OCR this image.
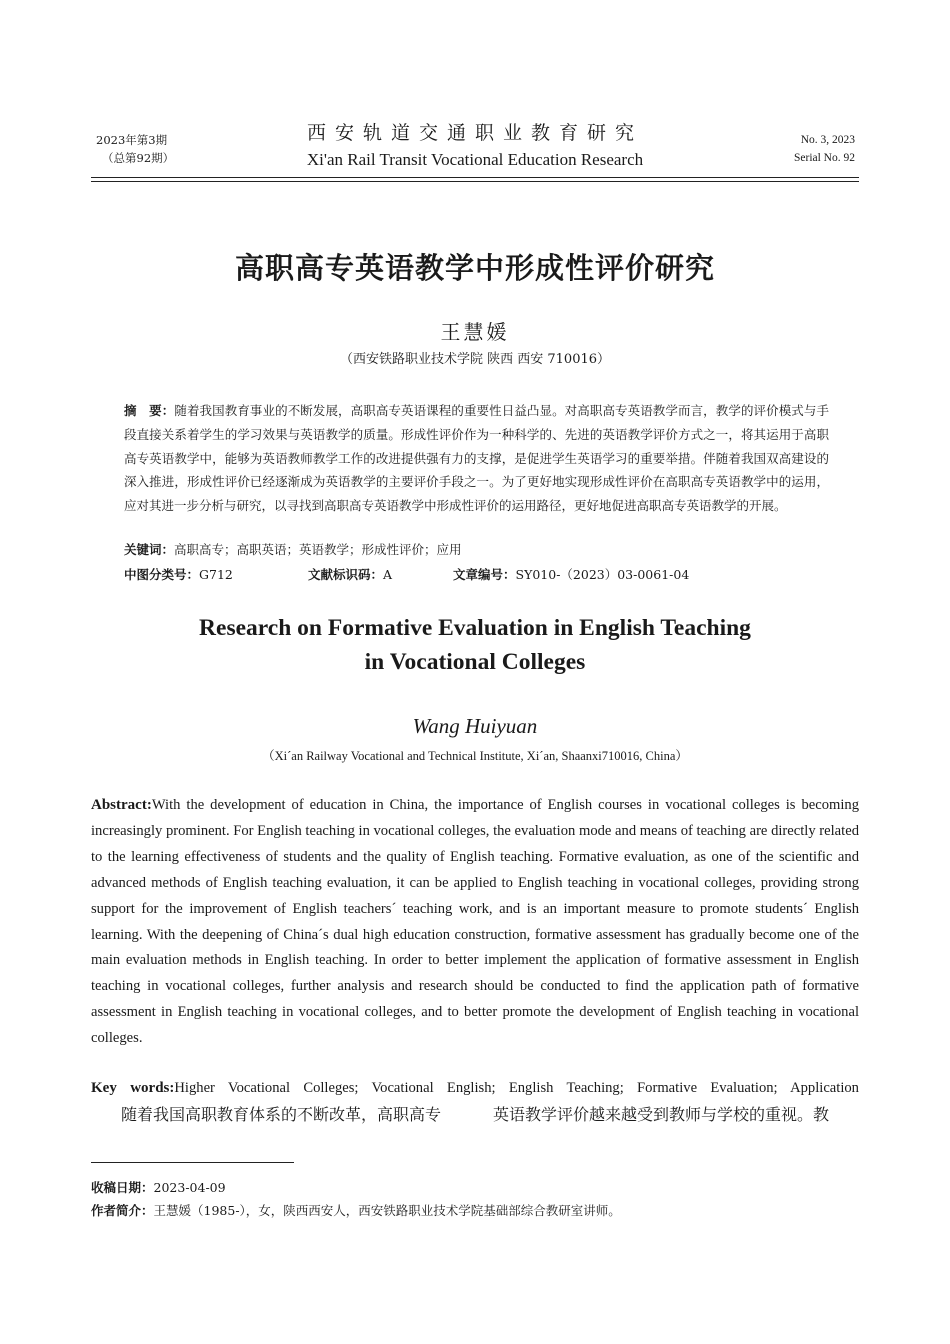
2023年第3期
（总第92期）
西安轨道交通职业教育研究
Xi'an Rail Transit Vocational Education Research
No. 3, 2023
Serial No. 92
高职高专英语教学中形成性评价研究
王慧媛
（西安铁路职业技术学院 陕西 西安 710016）
摘　要：随着我国教育事业的不断发展，高职高专英语课程的重要性日益凸显。对高职高专英语教学而言，教学的评价模式与手段直接关系着学生的学习效果与英语教学的质量。形成性评价作为一种科学的、先进的英语教学评价方式之一，将其运用于高职高专英语教学中，能够为英语教师教学工作的改进提供强有力的支撑，是促进学生英语学习的重要举措。伴随着我国双高建设的深入推进，形成性评价已经逐渐成为英语教学的主要评价手段之一。为了更好地实现形成性评价在高职高专英语教学中的运用，应对其进一步分析与研究，以寻找到高职高专英语教学中形成性评价的运用路径，更好地促进高职高专英语教学的开展。
关键词：高职高专；高职英语；英语教学；形成性评价；应用
中图分类号：G712	文献标识码：A	文章编号：SY010-（2023）03-0061-04
Research on Formative Evaluation in English Teaching
in Vocational Colleges
Wang Huiyuan
（Xi´an Railway Vocational and Technical Institute, Xi´an, Shaanxi710016, China）
Abstract:With the development of education in China, the importance of English courses in vocational colleges is becoming increasingly prominent. For English teaching in vocational colleges, the evaluation mode and means of teaching are directly related to the learning effectiveness of students and the quality of English teaching. Formative evaluation, as one of the scientific and advanced methods of English teaching evaluation, it can be applied to English teaching in vocational colleges, providing strong support for the improvement of English teachers´ teaching work, and is an important measure to promote students´ English learning. With the deepening of China´s dual high education construction, formative assessment has gradually become one of the main evaluation methods in English teaching. In order to better implement the application of formative assessment in English teaching in vocational colleges, further analysis and research should be conducted to find the application path of formative assessment in English teaching in vocational colleges, and to better promote the development of English teaching in vocational colleges.
Key words:Higher Vocational Colleges; Vocational English; English Teaching; Formative Evaluation; Application
随着我国高职教育体系的不断改革，高职高专	英语教学评价越来越受到教师与学校的重视。教
收稿日期：2023-04-09
作者简介：王慧媛（1985-），女，陕西西安人，西安铁路职业技术学院基础部综合教研室讲师。
